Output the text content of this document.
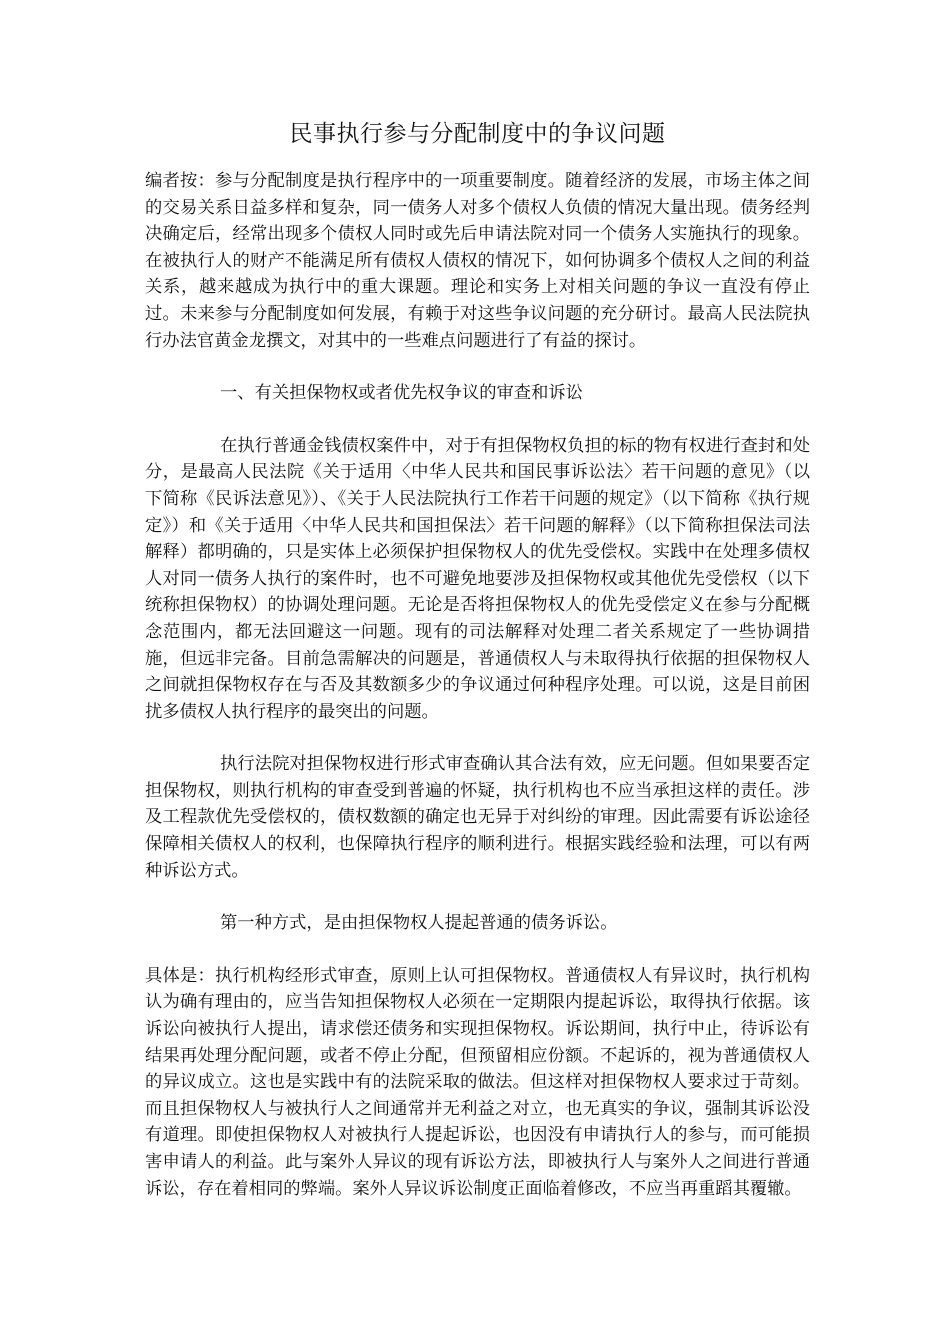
民事执行参与分配制度中的争议问题

编者按：参与分配制度是执行程序中的一项重要制度。随着经济的发展，市场主体之间的交易关系日益多样和复杂，同一债务人对多个债权人负债的情况大量出现。债务经判决确定后，经常出现多个债权人同时或先后申请法院对同一个债务人实施执行的现象。在被执行人的财产不能满足所有债权人债权的情况下，如何协调多个债权人之间的利益关系，越来越成为执行中的重大课题。理论和实务上对相关问题的争议一直没有停止过。未来参与分配制度如何发展，有赖于对这些争议问题的充分研讨。最高人民法院执行办法官黄金龙撰文，对其中的一些难点问题进行了有益的探讨。

一、有关担保物权或者优先权争议的审查和诉讼

在执行普通金钱债权案件中，对于有担保物权负担的标的物有权进行查封和处分，是最高人民法院《关于适用〈中华人民共和国民事诉讼法〉若干问题的意见》（以下简称《民诉法意见》）、《关于人民法院执行工作若干问题的规定》（以下简称《执行规定》）和《关于适用〈中华人民共和国担保法〉若干问题的解释》（以下简称担保法司法解释）都明确的，只是实体上必须保护担保物权人的优先受偿权。实践中在处理多债权人对同一债务人执行的案件时，也不可避免地要涉及担保物权或其他优先受偿权（以下统称担保物权）的协调处理问题。无论是否将担保物权人的优先受偿定义在参与分配概念范围内，都无法回避这一问题。现有的司法解释对处理二者关系规定了一些协调措施，但远非完备。目前急需解决的问题是，普通债权人与未取得执行依据的担保物权人之间就担保物权存在与否及其数额多少的争议通过何种程序处理。可以说，这是目前困扰多债权人执行程序的最突出的问题。

执行法院对担保物权进行形式审查确认其合法有效，应无问题。但如果要否定担保物权，则执行机构的审查受到普遍的怀疑，执行机构也不应当承担这样的责任。涉及工程款优先受偿权的，债权数额的确定也无异于对纠纷的审理。因此需要有诉讼途径保障相关债权人的权利，也保障执行程序的顺利进行。根据实践经验和法理，可以有两种诉讼方式。

第一种方式，是由担保物权人提起普通的债务诉讼。

具体是：执行机构经形式审查，原则上认可担保物权。普通债权人有异议时，执行机构认为确有理由的，应当告知担保物权人必须在一定期限内提起诉讼，取得执行依据。该诉讼向被执行人提出，请求偿还债务和实现担保物权。诉讼期间，执行中止，待诉讼有结果再处理分配问题，或者不停止分配，但预留相应份额。不起诉的，视为普通债权人的异议成立。这也是实践中有的法院采取的做法。但这样对担保物权人要求过于苛刻。而且担保物权人与被执行人之间通常并无利益之对立，也无真实的争议，强制其诉讼没有道理。即使担保物权人对被执行人提起诉讼，也因没有申请执行人的参与，而可能损害申请人的利益。此与案外人异议的现有诉讼方法，即被执行人与案外人之间进行普通诉讼，存在着相同的弊端。案外人异议诉讼制度正面临着修改，不应当再重蹈其覆辙。
